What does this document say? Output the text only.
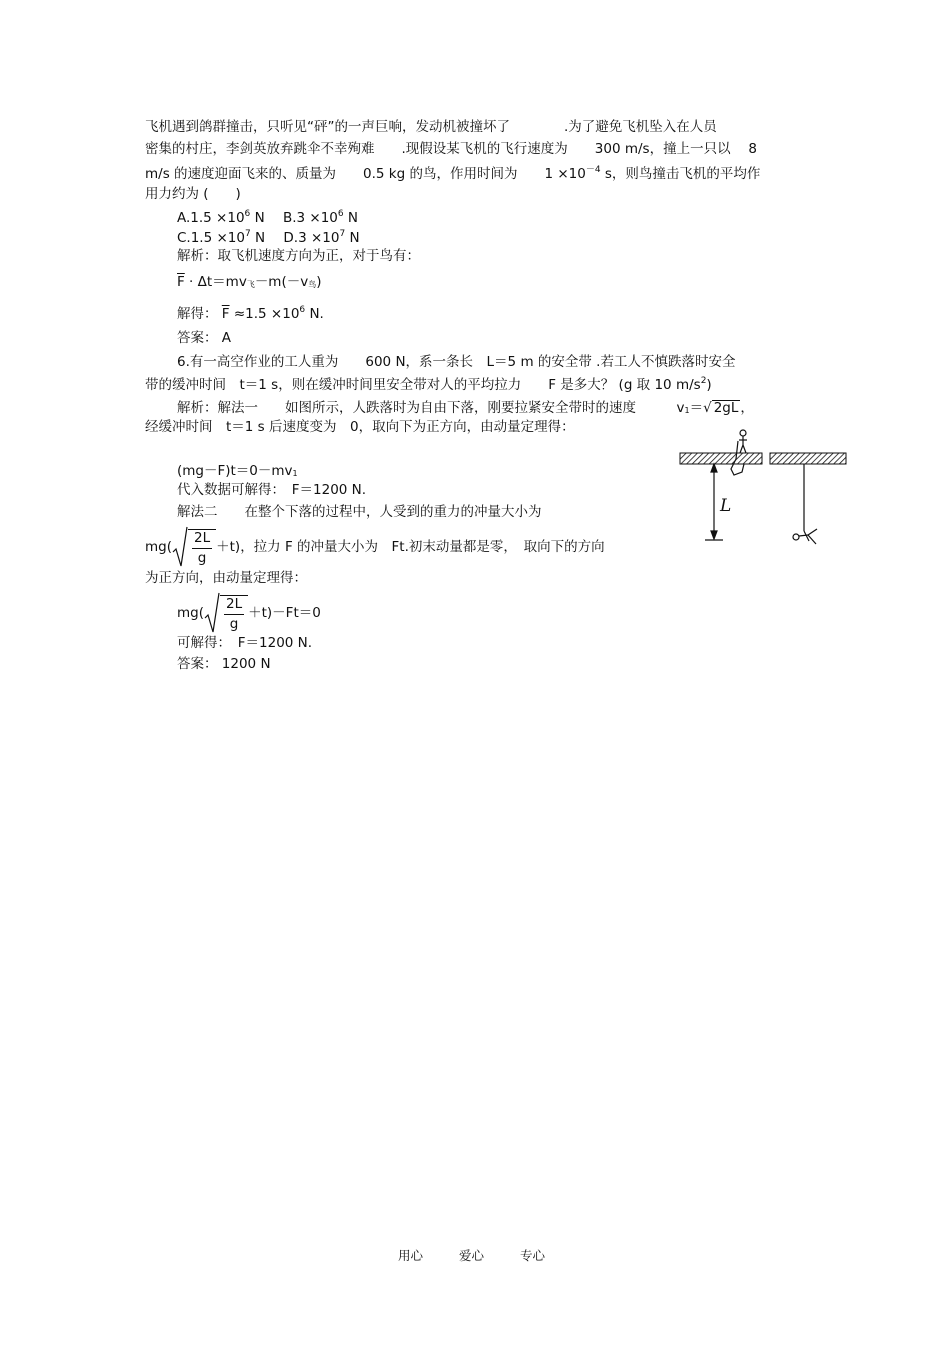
飞机遇到鸽群撞击，只听见“砰”的一声巨响，发动机被撞坏了　　　　.为了避免飞机坠入在人员
密集的村庄，李剑英放弃跳伞不幸殉难　　.现假设某飞机的飞行速度为　　300 m/s，撞上一只以　 8
m/s 的速度迎面飞来的、质量为　　0.5 kg 的鸟，作用时间为　　$1 \times 10^{-4}$ s，则鸟撞击飞机的平均作
用力约为 (　　)
$A.1.5 \times 10^6$ N $B.3 \times 10^6$ N
$C.1.5 \times 10^7$ N $D.3 \times 10^7$ N
解析：取飞机速度方向为正，对于鸟有：
$\overline{F} \cdot \Delta t=mv_飞-m(-v_鸟)$
解得： $\overline{F} \approx 1.5 \times 10^6$ N.
答案： A
6.有一高空作业的工人重为　　600 N，系一条长　L＝5 m 的安全带 .若工人不慎跌落时安全
带的缓冲时间　t＝1 s，则在缓冲时间里安全带对人的平均拉力　　F 是多大？ (g 取 10 $m/s^2$)
解析：解法一　　如图所示，人跌落时为自由下落，刚要拉紧安全带时的速度　　　$v_1=√$ 2gL ，
经缓冲时间　t＝1 s 后速度变为　0，取向下为正方向，由动量定理得：
$(mg-F)t=0-mv_1$
代入数据可解得：　F＝1200 N.
解法二　　在整个下落的过程中，人受到的重力的冲量大小为
$mg( \frac{2L}{g} +t)$，拉力 F 的冲量大小为　Ft.初末动量都是零，　取向下的方向
为正方向，由动量定理得：
$mg( \frac{2L}{g} +t)-Ft=0$
可解得：　F＝1200 N.
答案： 1200 N
L
用心	爱心	专心
